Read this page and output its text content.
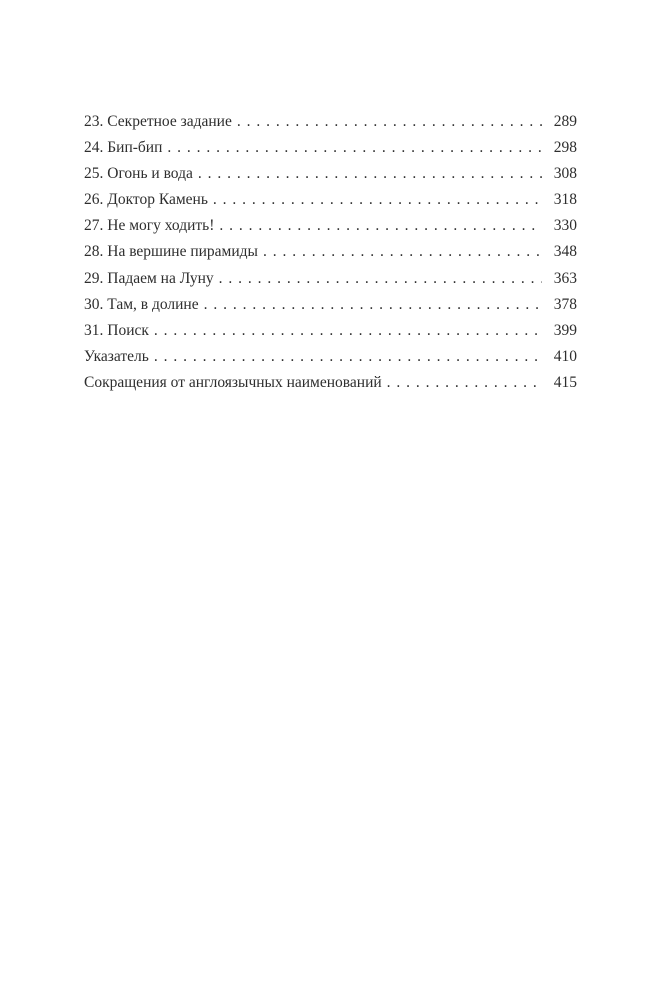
23. Секретное задание . . .	289
24. Бип-бип . . .	298
25. Огонь и вода . . .	308
26. Доктор Камень . . .	318
27. Не могу ходить! . . .	330
28. На вершине пирамиды . . .	348
29. Падаем на Луну . . .	363
30. Там, в долине . . .	378
31. Поиск . . .	399
Указатель . . .	410
Сокращения от англоязычных наименований . . .	415
